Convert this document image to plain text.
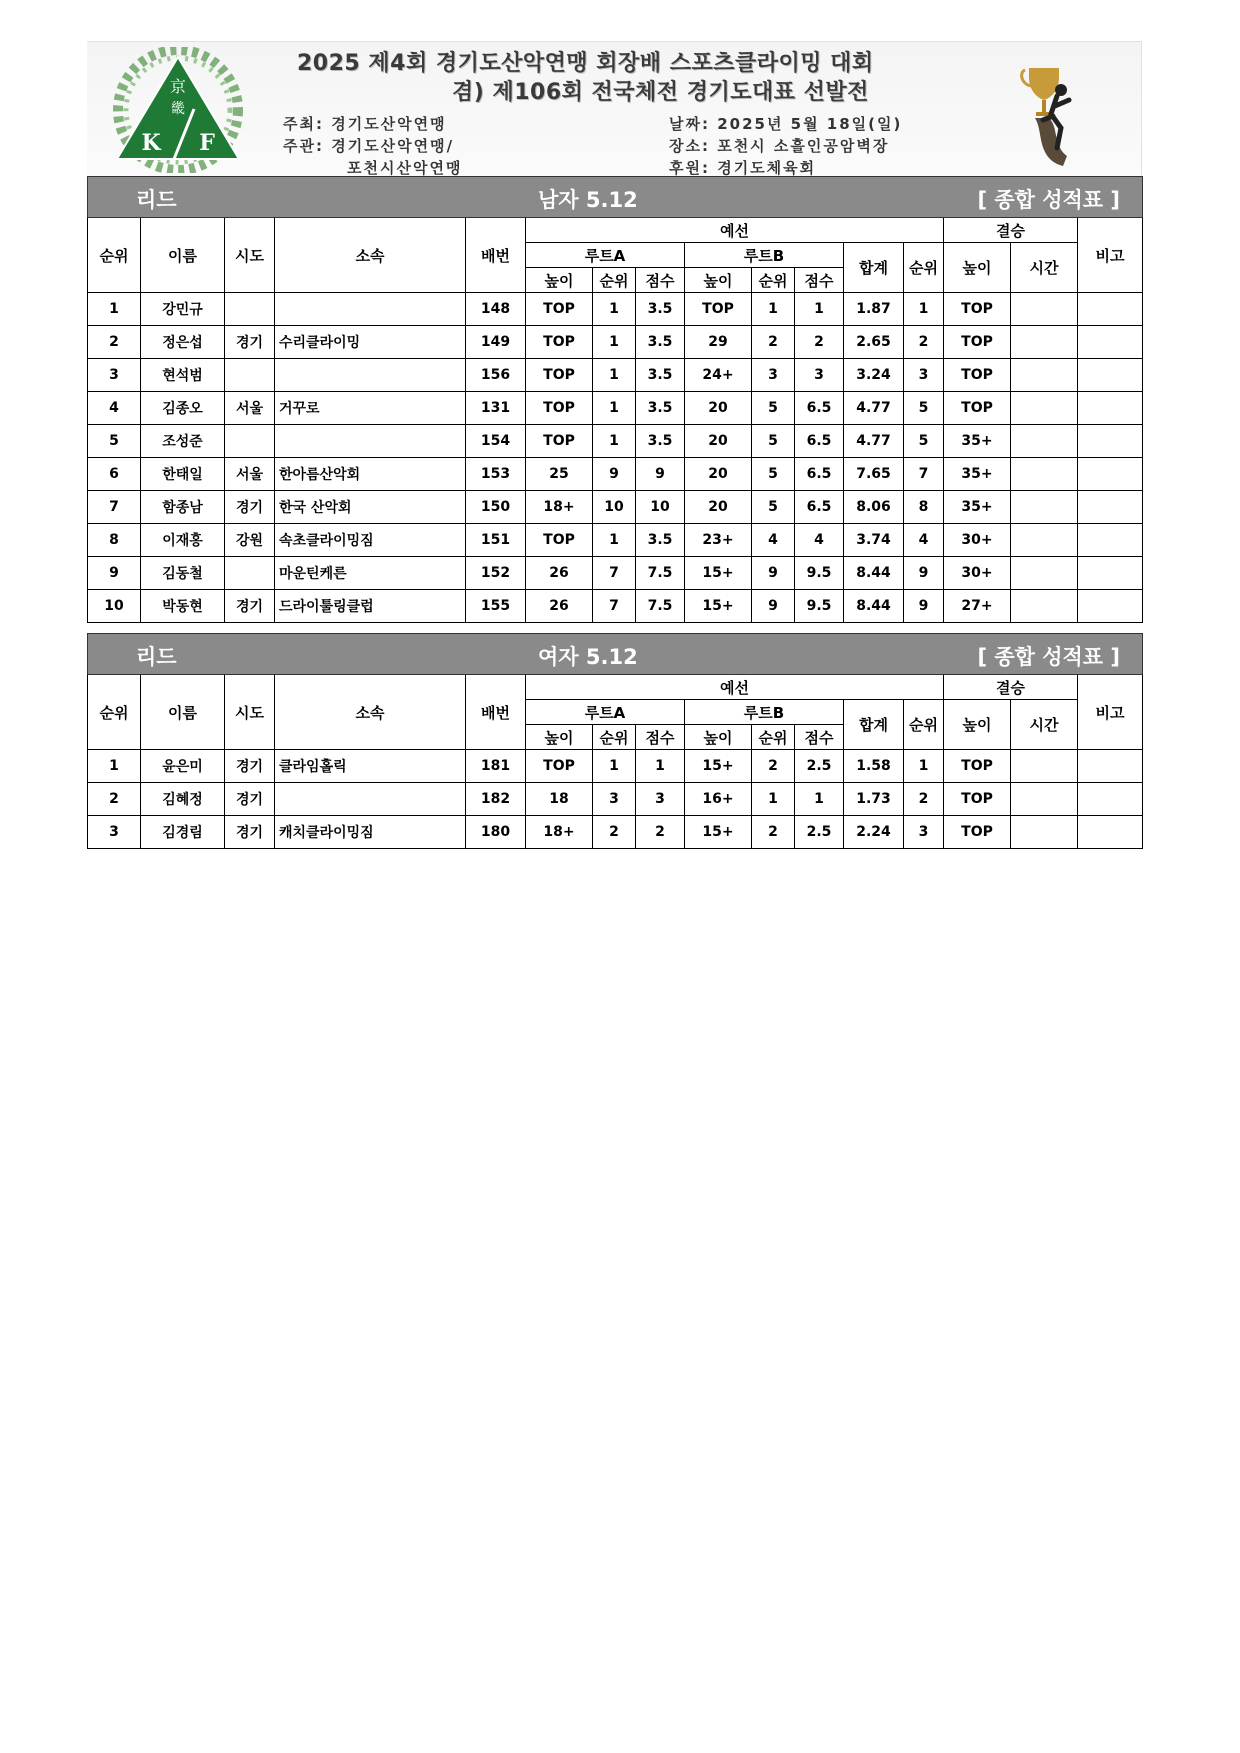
京
畿
K F
2025 제4회 경기도산악연맹 회장배 스포츠클라이밍 대회
겸) 제106회 전국체전 경기도대표 선발전
주최: 경기도산악연맹
주관: 경기도산악연맹/
포천시산악연맹
날짜: 2025년 5월 18일(일)
장소: 포천시 소흘인공암벽장
후원: 경기도체육회
리드 남자 5.12 [ 종합 성적표 ]															

순위	이름	시도	소속	배번	예선								결승		비고
					루트A			루트B			합계	순위	높이	시간	
					높이	순위	점수	높이	순위	점수					
1	강민규			148	TOP	1	3.5	TOP	1	1	1.87	1	TOP		
2	정은섭	경기	수리클라이밍	149	TOP	1	3.5	29	2	2	2.65	2	TOP		
3	현석범			156	TOP	1	3.5	24+	3	3	3.24	3	TOP		
4	김종오	서울	거꾸로	131	TOP	1	3.5	20	5	6.5	4.77	5	TOP		
5	조성준			154	TOP	1	3.5	20	5	6.5	4.77	5	35+		
6	한태일	서울	한아름산악회	153	25	9	9	20	5	6.5	7.65	7	35+		
7	함종남	경기	한국 산악회	150	18+	10	10	20	5	6.5	8.06	8	35+		
8	이재홍	강원	속초클라이밍짐	151	TOP	1	3.5	23+	4	4	3.74	4	30+		
9	김동철		마운틴케른	152	26	7	7.5	15+	9	9.5	8.44	9	30+		
10	박동현	경기	드라이툴링클럽	155	26	7	7.5	15+	9	9.5	8.44	9	27+		
리드 여자 5.12 [ 종합 성적표 ]															

순위	이름	시도	소속	배번	예선								결승		비고
					루트A			루트B			합계	순위	높이	시간	
					높이	순위	점수	높이	순위	점수					
1	윤은미	경기	클라임홀릭	181	TOP	1	1	15+	2	2.5	1.58	1	TOP		
2	김혜정	경기		182	18	3	3	16+	1	1	1.73	2	TOP		
3	김경림	경기	캐치클라이밍짐	180	18+	2	2	15+	2	2.5	2.24	3	TOP		
